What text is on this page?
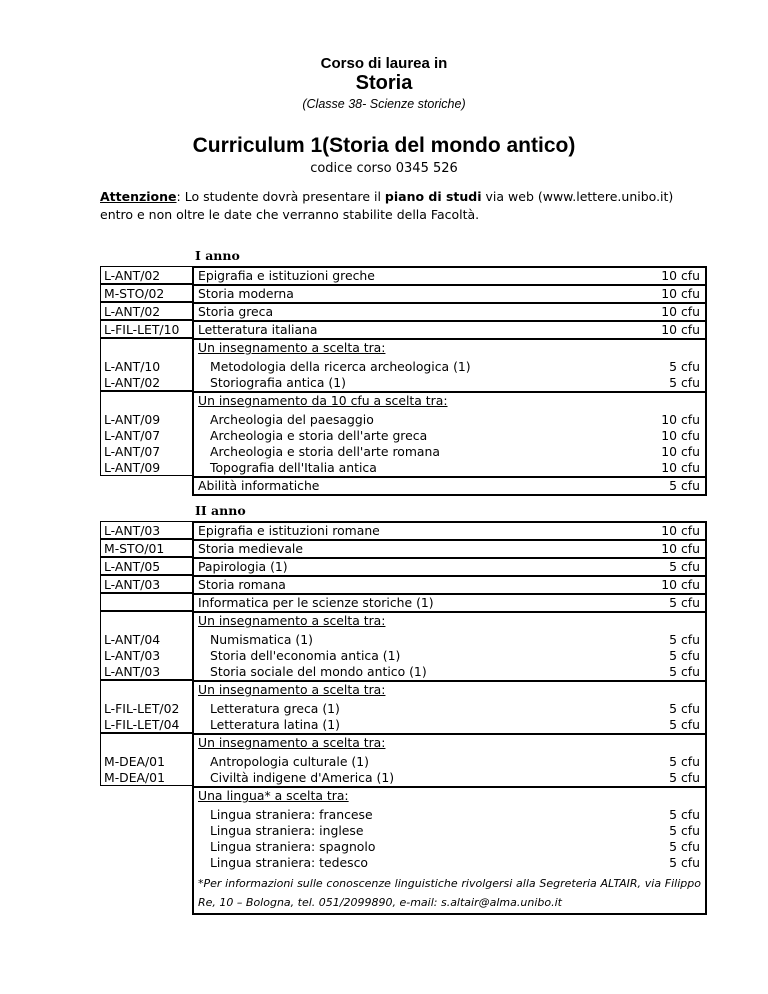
Corso di laurea in
Storia
(Classe 38- Scienze storiche)
Curriculum 1(Storia del mondo antico)
codice corso 0345 526
Attenzione: Lo studente dovrà presentare il piano di studi via web (www.lettere.unibo.it) entro e non oltre le date che verranno stabilite della Facoltà.
I anno
L-ANT/02	Epigrafia e istituzioni greche	10 cfu
M-STO/02	Storia moderna	10 cfu
L-ANT/02	Storia greca	10 cfu
L-FIL-LET/10	Letteratura italiana	10 cfu
Un insegnamento a scelta tra:
L-ANT/10	Metodologia della ricerca archeologica (1)	5 cfu
L-ANT/02	Storiografia antica (1)	5 cfu
Un insegnamento da 10 cfu a scelta tra:
L-ANT/09	Archeologia del paesaggio	10 cfu
L-ANT/07	Archeologia e storia dell'arte greca	10 cfu
L-ANT/07	Archeologia e storia dell'arte romana	10 cfu
L-ANT/09	Topografia dell'Italia antica	10 cfu
Abilità informatiche	5 cfu
II anno
L-ANT/03	Epigrafia e istituzioni romane	10 cfu
M-STO/01	Storia medievale	10 cfu
L-ANT/05	Papirologia (1)	5 cfu
L-ANT/03	Storia romana	10 cfu
Informatica per le scienze storiche (1)	5 cfu
Un insegnamento a scelta tra:
L-ANT/04	Numismatica (1)	5 cfu
L-ANT/03	Storia dell'economia antica (1)	5 cfu
L-ANT/03	Storia sociale del mondo antico (1)	5 cfu
Un insegnamento a scelta tra:
L-FIL-LET/02	Letteratura greca (1)	5 cfu
L-FIL-LET/04	Letteratura latina (1)	5 cfu
Un insegnamento a scelta tra:
M-DEA/01	Antropologia culturale (1)	5 cfu
M-DEA/01	Civiltà indigene d'America (1)	5 cfu
Una lingua* a scelta tra:
Lingua straniera: francese	5 cfu
Lingua straniera: inglese	5 cfu
Lingua straniera: spagnolo	5 cfu
Lingua straniera: tedesco	5 cfu
*Per informazioni sulle conoscenze linguistiche rivolgersi alla Segreteria ALTAIR, via Filippo Re, 10 – Bologna, tel. 051/2099890, e-mail: s.altair@alma.unibo.it
